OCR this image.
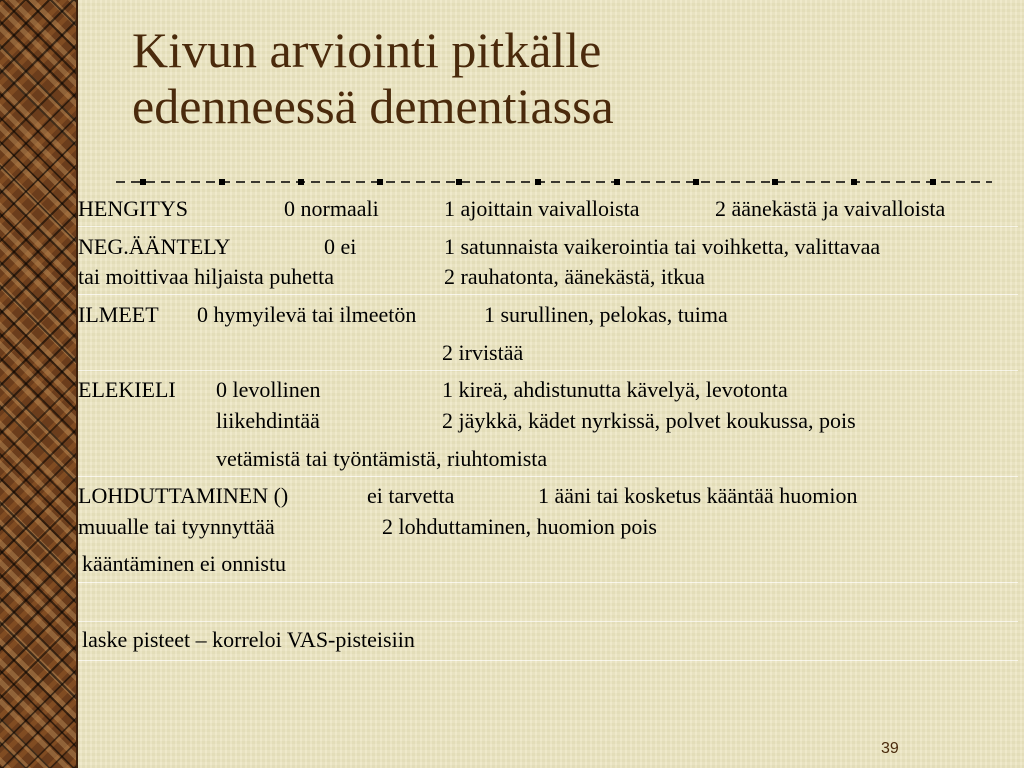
Kivun arviointi pitkälle
edenneessä dementiassa
HENGITYS	0 normaali	1 ajoittain vaivalloista	2 äänekästä ja vaivalloista
NEG.ÄÄNTELY	0 ei	1 satunnaista vaikerointia tai voihketta, valittavaa
tai moittivaa hiljaista puhetta	2 rauhatonta, äänekästä, itkua
ILMEET 0 hymyilevä tai ilmeetön	1 surullinen, pelokas, tuima
2 irvistää
ELEKIELI 0 levollinen	1 kireä, ahdistunutta kävelyä, levotonta
liikehdintää	2 jäykkä, kädet nyrkissä, polvet koukussa, pois
vetämistä tai työntämistä, riuhtomista
LOHDUTTAMINEN ()	ei tarvetta	1 ääni tai kosketus kääntää huomion
muualle tai tyynnyttää	2 lohduttaminen, huomion pois
kääntäminen ei onnistu
laske pisteet – korreloi VAS-pisteisiin
39
